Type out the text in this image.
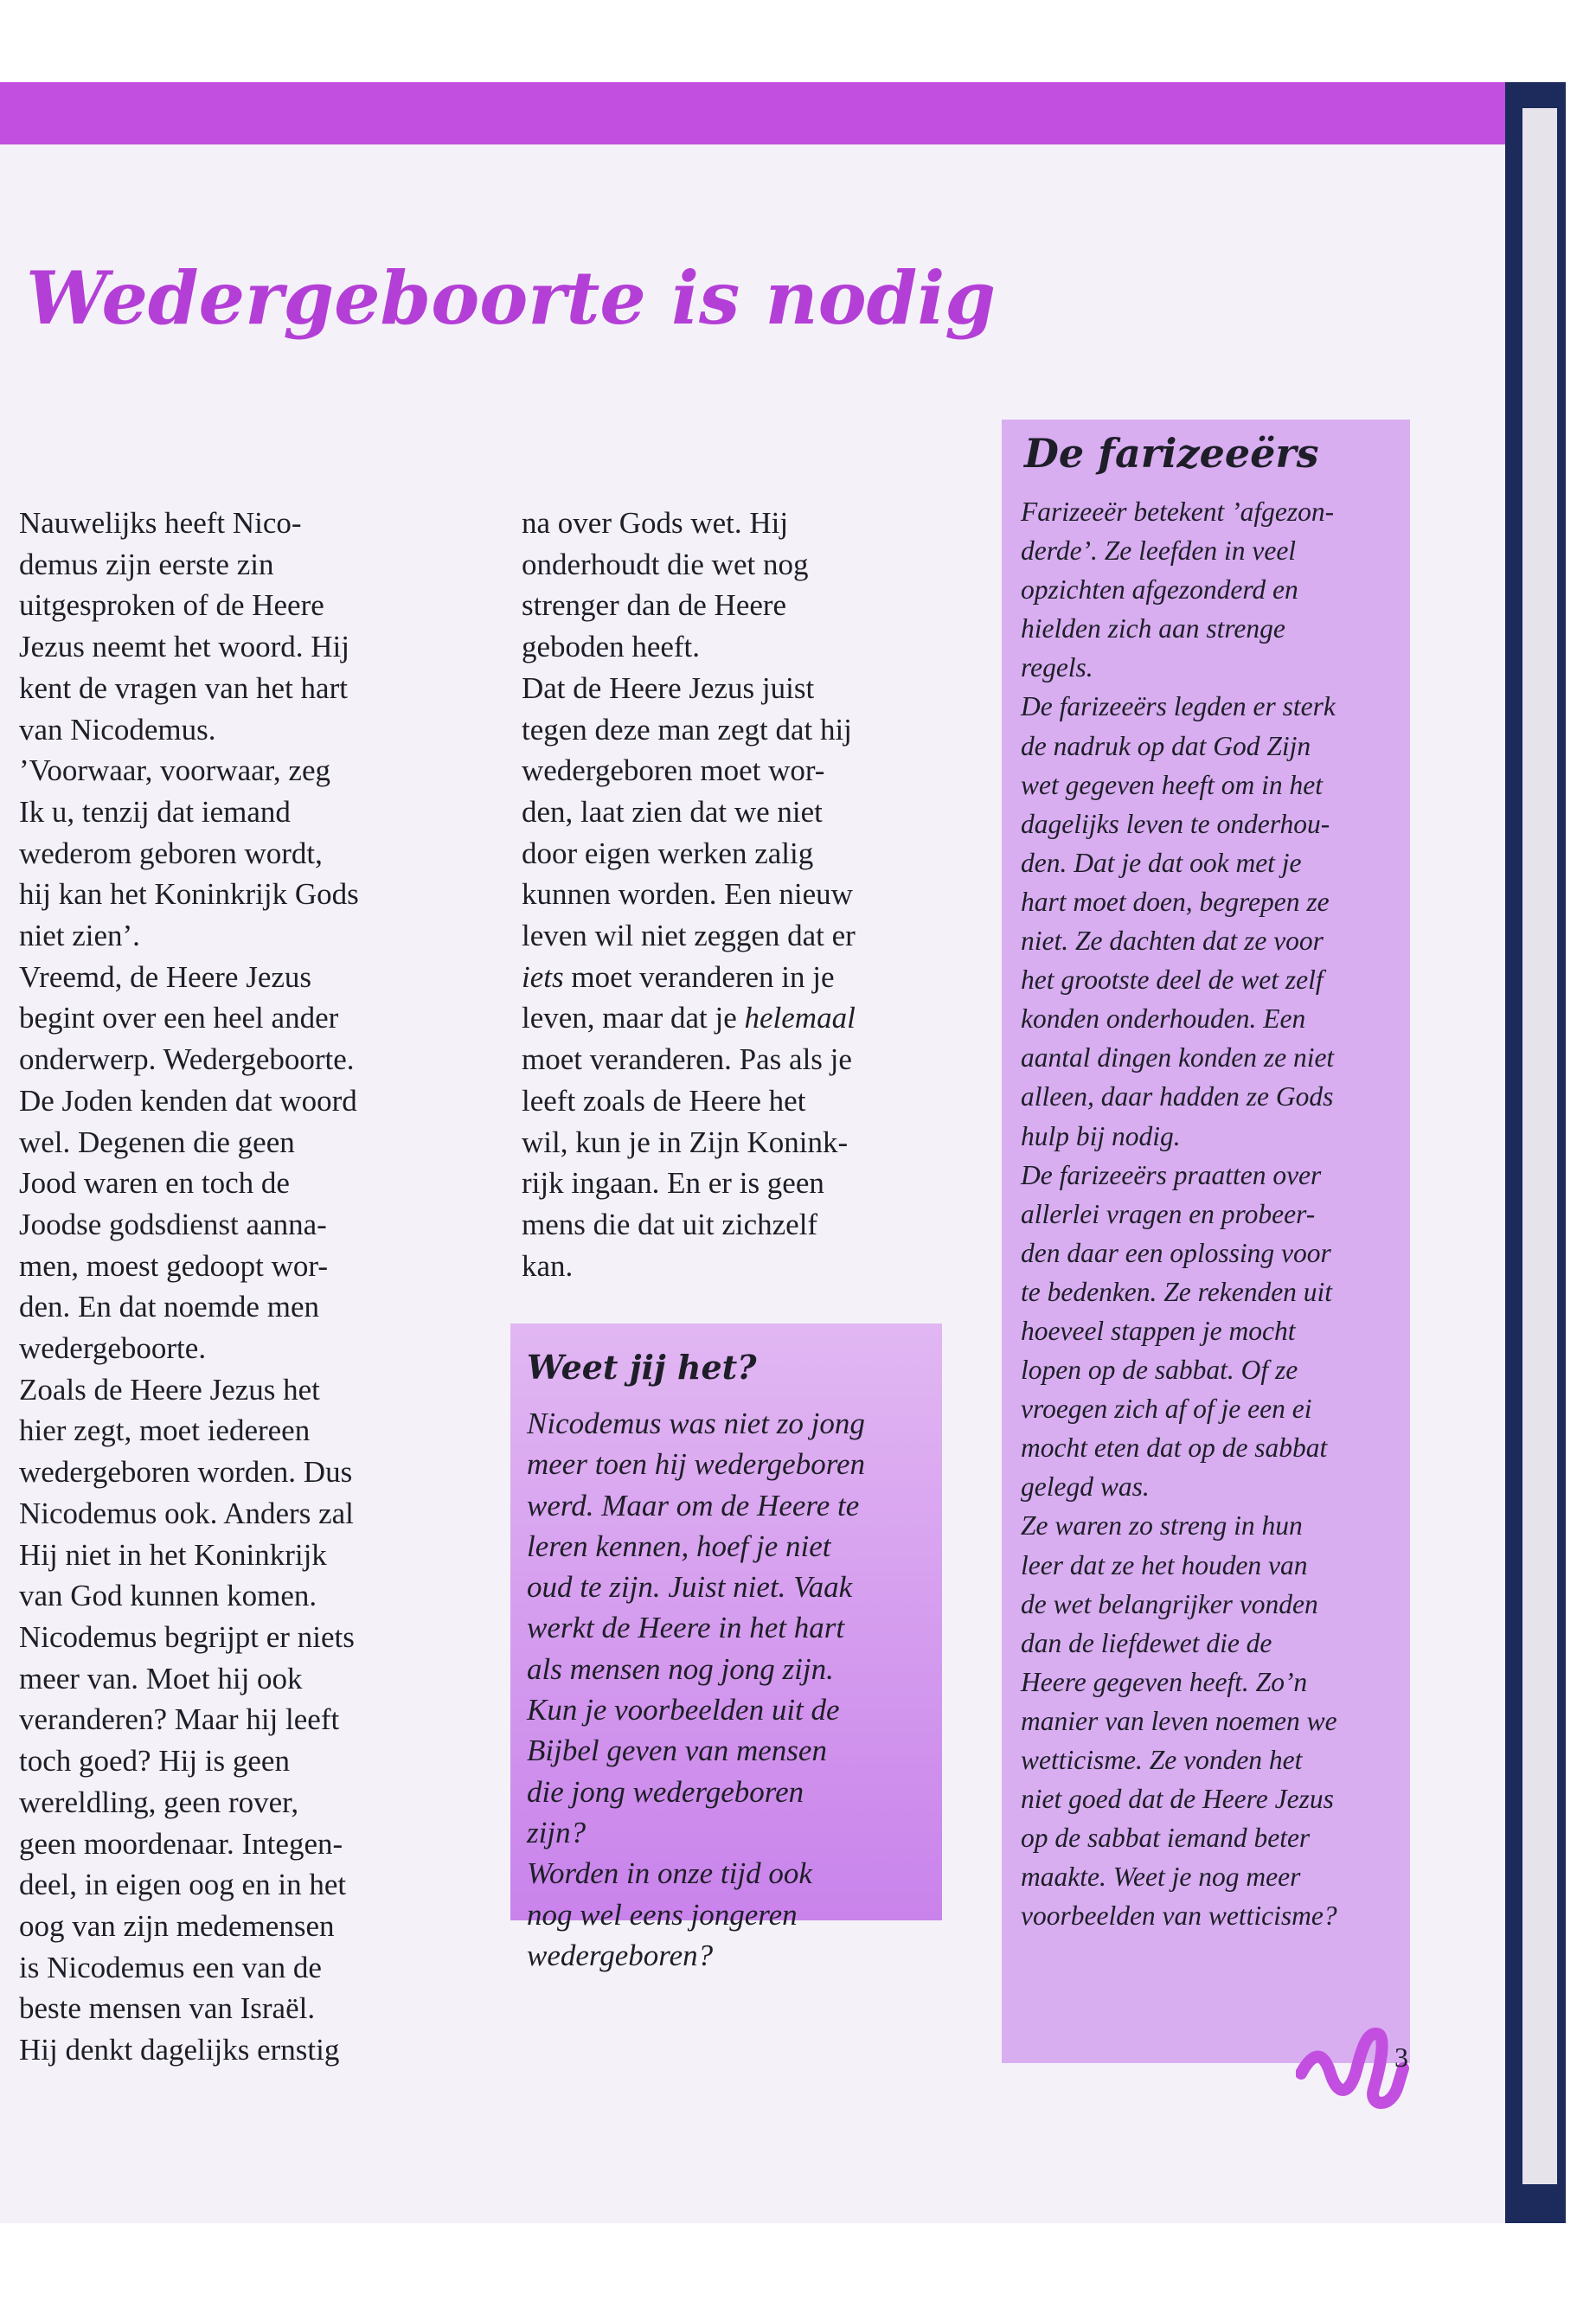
Wedergeboorte is nodig

Nauwelijks heeft Nico-

demus zijn eerste zin

uitgesproken of de Heere

Jezus neemt het woord. Hij

kent de vragen van het hart

van Nicodemus.

’Voorwaar, voorwaar, zeg

Ik u, tenzij dat iemand

wederom geboren wordt,

hij kan het Koninkrijk Gods

niet zien’.

Vreemd, de Heere Jezus

begint over een heel ander

onderwerp. Wedergeboorte.

De Joden kenden dat woord

wel. Degenen die geen

Jood waren en toch de

Joodse godsdienst aanna-

men, moest gedoopt wor-

den. En dat noemde men

wedergeboorte.

Zoals de Heere Jezus het

hier zegt, moet iedereen

wedergeboren worden. Dus

Nicodemus ook. Anders zal

Hij niet in het Koninkrijk

van God kunnen komen.

Nicodemus begrijpt er niets

meer van. Moet hij ook

veranderen? Maar hij leeft

toch goed? Hij is geen

wereldling, geen rover,

geen moordenaar. Integen-

deel, in eigen oog en in het

oog van zijn medemensen

is Nicodemus een van de

beste mensen van Israël.

Hij denkt dagelijks ernstig

na over Gods wet. Hij

onderhoudt die wet nog

strenger dan de Heere

geboden heeft.

Dat de Heere Jezus juist

tegen deze man zegt dat hij

wedergeboren moet wor-

den, laat zien dat we niet

door eigen werken zalig

kunnen worden. Een nieuw

leven wil niet zeggen dat er

iets moet veranderen in je

leven, maar dat je helemaal

moet veranderen. Pas als je

leeft zoals de Heere het

wil, kun je in Zijn Konink-

rijk ingaan. En er is geen

mens die dat uit zichzelf

kan.

Weet jij het?

Nicodemus was niet zo jong

meer toen hij wedergeboren

werd. Maar om de Heere te

leren kennen, hoef je niet

oud te zijn. Juist niet. Vaak

werkt de Heere in het hart

als mensen nog jong zijn.

Kun je voorbeelden uit de

Bijbel geven van mensen

die jong wedergeboren

zijn?

Worden in onze tijd ook

nog wel eens jongeren

wedergeboren?

De farizeeërs

Farizeeër betekent ’afgezon-

derde’. Ze leefden in veel

opzichten afgezonderd en

hielden zich aan strenge

regels.

De farizeeërs legden er sterk

de nadruk op dat God Zijn

wet gegeven heeft om in het

dagelijks leven te onderhou-

den. Dat je dat ook met je

hart moet doen, begrepen ze

niet. Ze dachten dat ze voor

het grootste deel de wet zelf

konden onderhouden. Een

aantal dingen konden ze niet

alleen, daar hadden ze Gods

hulp bij nodig.

De farizeeërs praatten over

allerlei vragen en probeer-

den daar een oplossing voor

te bedenken. Ze rekenden uit

hoeveel stappen je mocht

lopen op de sabbat. Of ze

vroegen zich af of je een ei

mocht eten dat op de sabbat

gelegd was.

Ze waren zo streng in hun

leer dat ze het houden van

de wet belangrijker vonden

dan de liefdewet die de

Heere gegeven heeft. Zo’n

manier van leven noemen we

wetticisme. Ze vonden het

niet goed dat de Heere Jezus

op de sabbat iemand beter

maakte. Weet je nog meer

voorbeelden van wetticisme?

3
